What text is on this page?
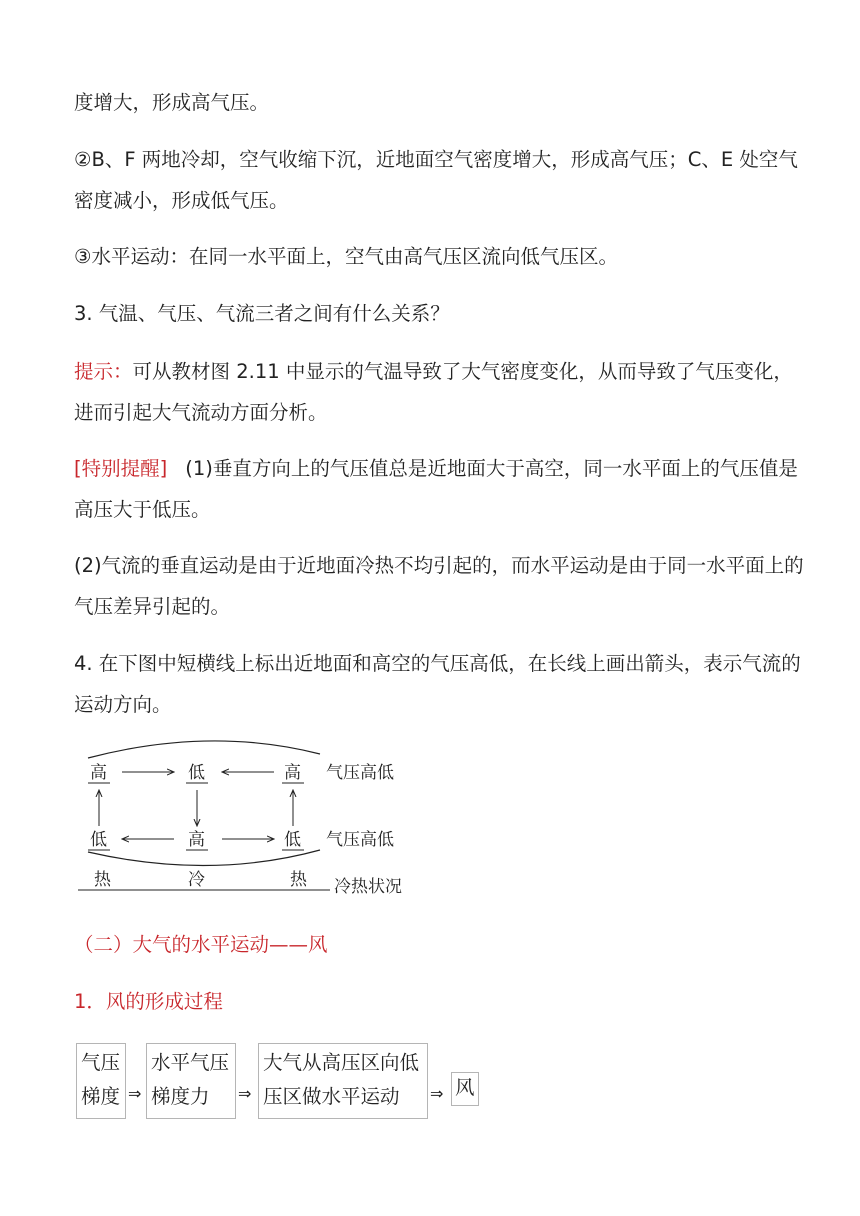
度增大，形成高气压。
②B、F 两地冷却，空气收缩下沉，近地面空气密度增大，形成高气压；C、E 处空气
密度减小，形成低气压。
③水平运动：在同一水平面上，空气由高气压区流向低气压区。
3. 气温、气压、气流三者之间有什么关系？
提示：可从教材图 2.11 中显示的气温导致了大气密度变化，从而导致了气压变化，
进而引起大气流动方面分析。
[特别提醒] (1)垂直方向上的气压值总是近地面大于高空，同一水平面上的气压值是
高压大于低压。
(2)气流的垂直运动是由于近地面冷热不均引起的，而水平运动是由于同一水平面上的
气压差异引起的。
4. 在下图中短横线上标出近地面和高空的气压高低，在长线上画出箭头，表示气流的
运动方向。
高	低	高 气压高低
低	高	低 气压高低
热	冷	热 冷热状况
（二）大气的水平运动——风
1．风的形成过程
气压
梯度 ⇒
水平气压
梯度力	⇒
大气从高压区向低
压区做水平运动	⇒ 风
